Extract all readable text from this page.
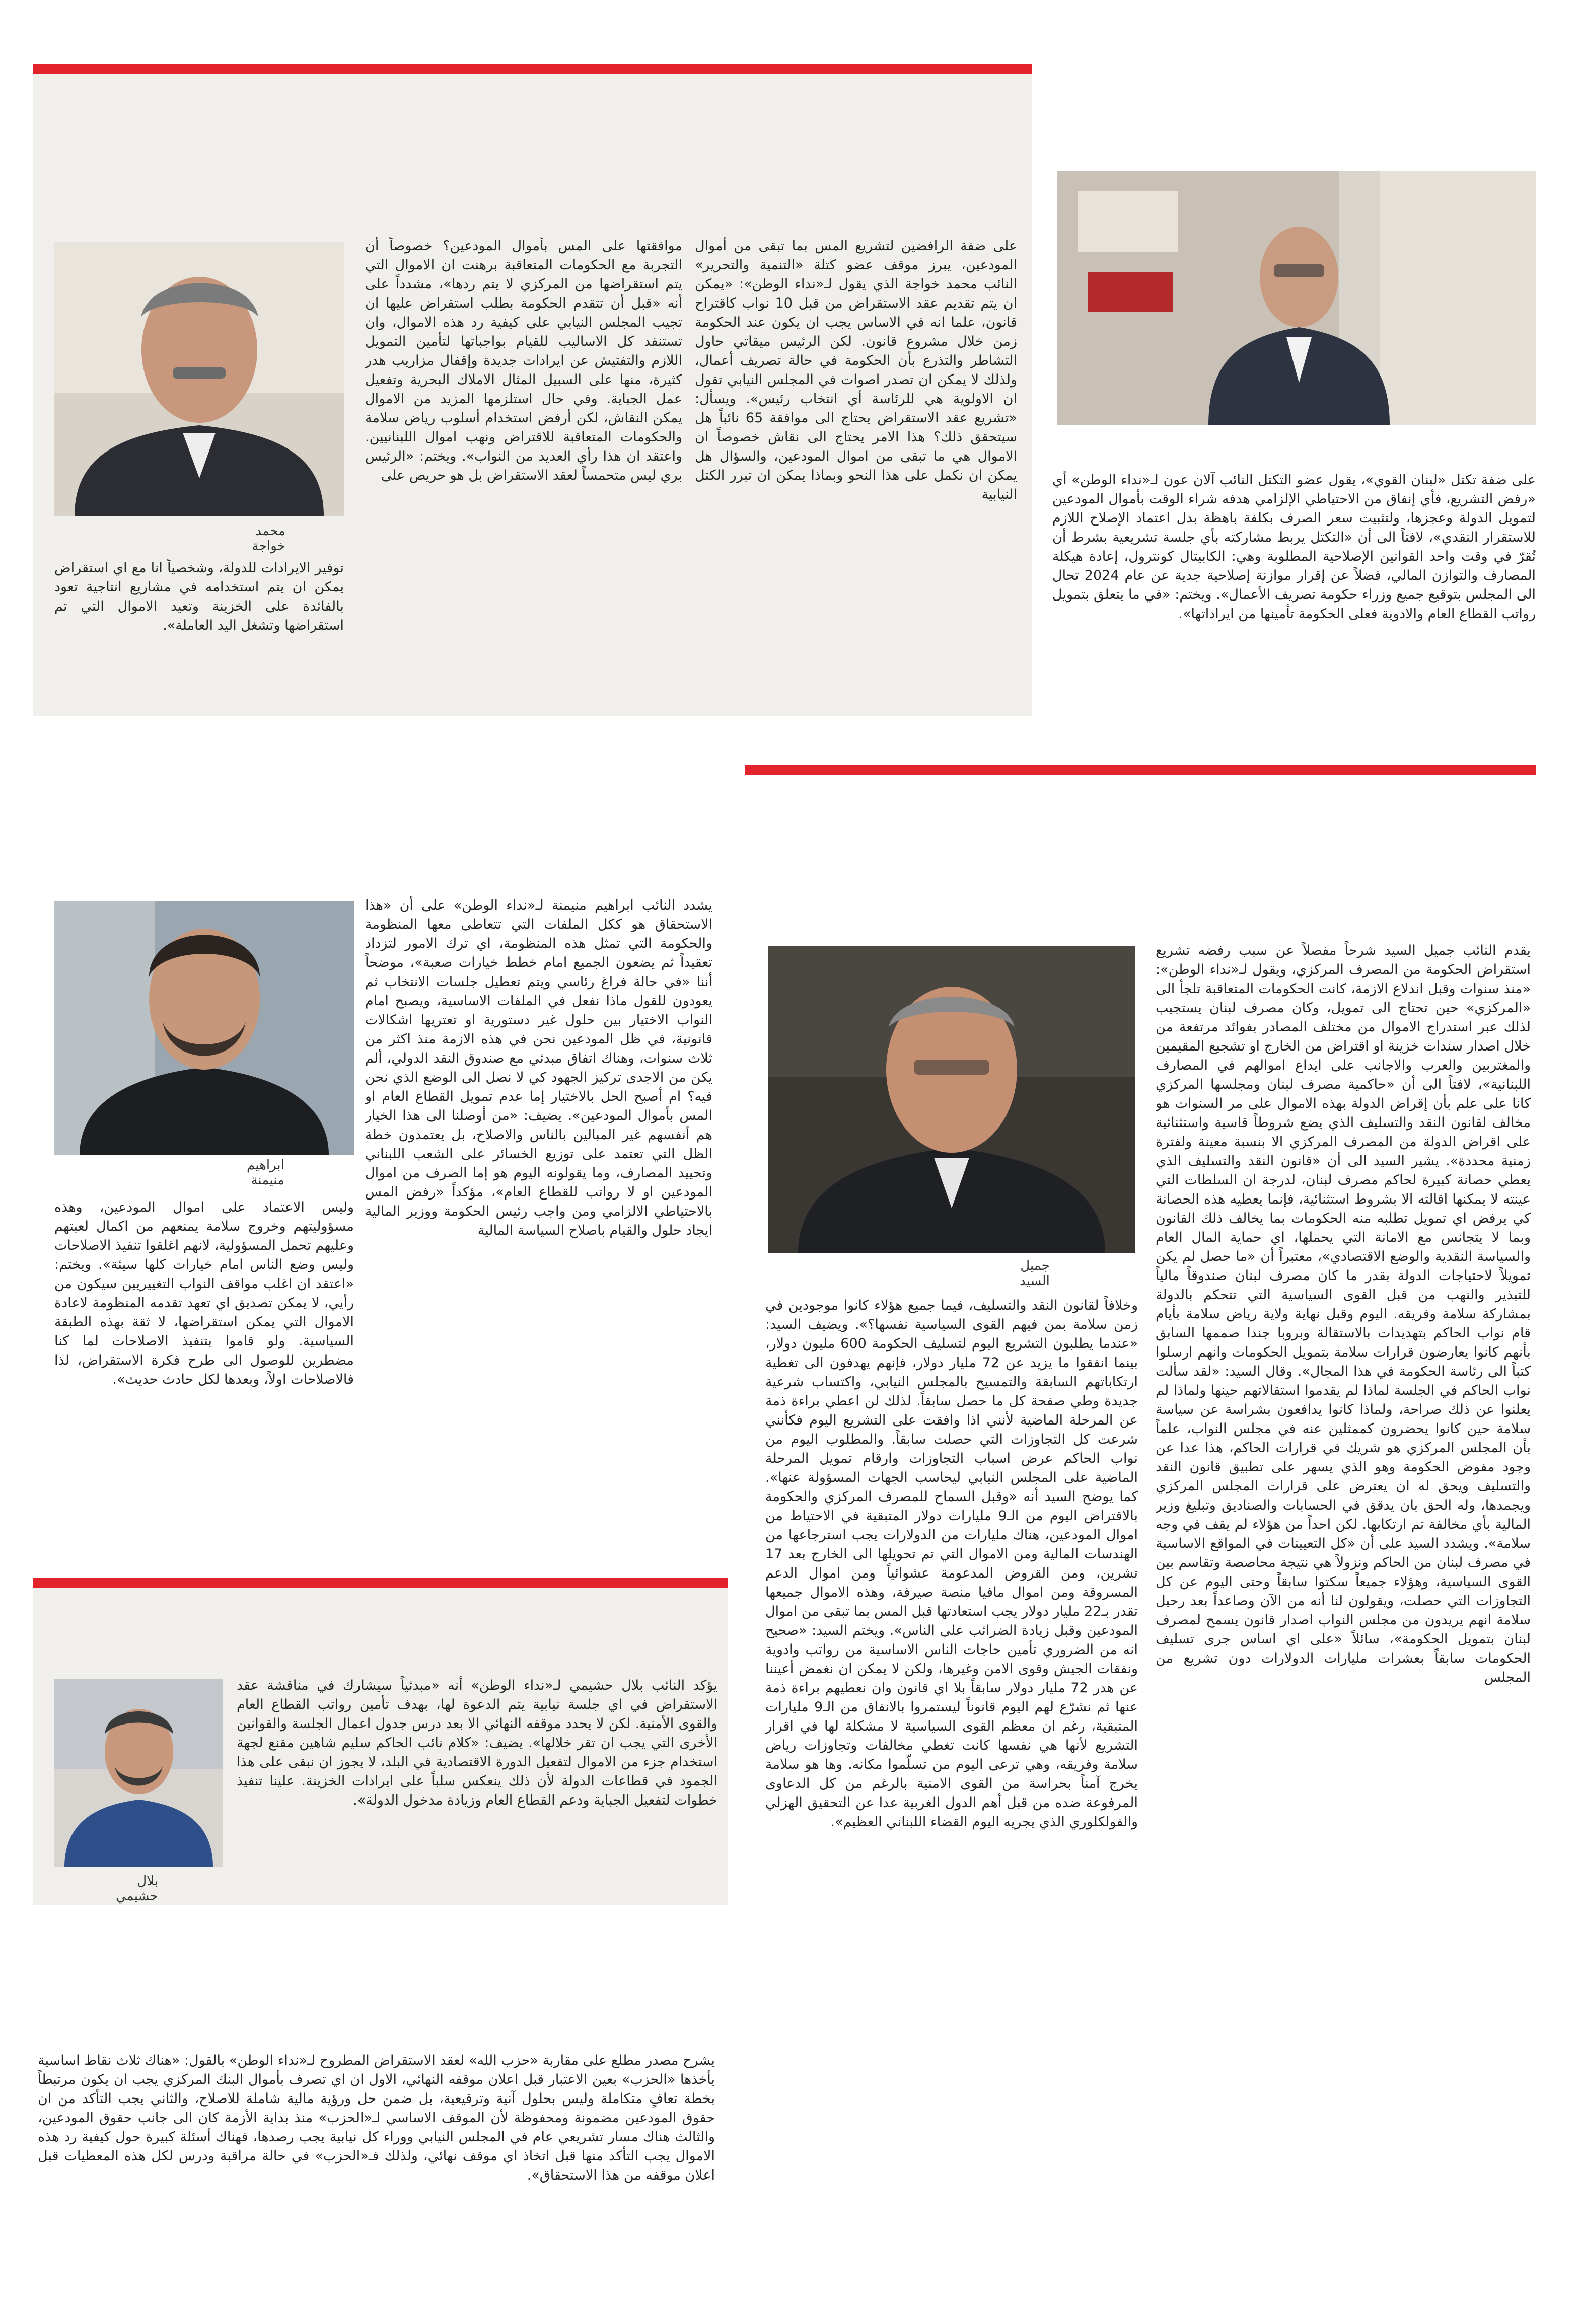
على ضفة تكتل «لبنان القوي»، يقول عضو التكتل النائب آلان عون لـ«نداء الوطن» أي «رفض التشريع، فأي إنفاق من الاحتياطي الإلزامي هدفه شراء الوقت بأموال المودعين لتمويل الدولة وعجزها، ولتثبيت سعر الصرف بكلفة باهظة بدل اعتماد الإصلاح اللازم للاستقرار النقدي»، لافتاً الى أن «التكتل يربط مشاركته بأي جلسة تشريعية بشرط أن تُقرّ في وقت واحد القوانين الإصلاحية المطلوبة وهي: الكابيتال كونترول، إعادة هيكلة المصارف والتوازن المالي، فضلاً عن إقرار موازنة إصلاحية جدية عن عام 2024 تحال الى المجلس بتوقيع جميع وزراء حكومة تصريف الأعمال». ويختم: «في ما يتعلق بتمويل رواتب القطاع العام والادوية فعلى الحكومة تأمينها من ايراداتها».

على ضفة الرافضين لتشريع المس بما تبقى من أموال المودعين، يبرز موقف عضو كتلة «التنمية والتحرير» النائب محمد خواجة الذي يقول لـ«نداء الوطن»: «يمكن ان يتم تقديم عقد الاستقراض من قبل 10 نواب كاقتراح قانون، علما انه في الاساس يجب ان يكون عند الحكومة زمن خلال مشروع قانون. لكن الرئيس ميقاتي حاول التشاطر والتذرع بأن الحكومة في حالة تصريف أعمال، ولذلك لا يمكن ان تصدر اصوات في المجلس النيابي تقول ان الاولوية هي للرئاسة أي انتخاب رئيس». ويسأل: «تشريع عقد الاستقراض يحتاج الى موافقة 65 نائباً هل سيتحقق ذلك؟ هذا الامر يحتاج الى نقاش خصوصاً ان الاموال هي ما تبقى من اموال المودعين، والسؤال هل يمكن ان نكمل على هذا النحو وبماذا يمكن ان تبرر الكتل النيابية

موافقتها على المس بأموال المودعين؟ خصوصاً أن التجربة مع الحكومات المتعاقبة برهنت ان الاموال التي يتم استقراضها من المركزي لا يتم ردها»، مشدداً على أنه «قبل أن تتقدم الحكومة بطلب استقراض عليها ان تجيب المجلس النيابي على كيفية رد هذه الاموال، وان تستنفد كل الاساليب للقيام بواجباتها لتأمين التمويل اللازم والتفتيش عن ايرادات جديدة وإقفال مزاريب هدر كثيرة، منها على السبيل المثال الاملاك البحرية وتفعيل عمل الجباية. وفي حال استلزمها المزيد من الاموال يمكن النقاش، لكن أرفض استخدام أسلوب رياض سلامة والحكومات المتعاقبة للاقتراض ونهب اموال اللبنانيين. واعتقد ان هذا رأي العديد من النواب». ويختم: «الرئيس بري ليس متحمساً لعقد الاستقراض بل هو حريص على

محمد خواجة

توفير الايرادات للدولة، وشخصياً انا مع اي استقراض يمكن ان يتم استخدامه في مشاريع انتاجية تعود بالفائدة على الخزينة وتعيد الاموال التي تم استقراضها وتشغل اليد العاملة».

يقدم النائب جميل السيد شرحاً مفصلاً عن سبب رفضه تشريع استقراض الحكومة من المصرف المركزي، ويقول لـ«نداء الوطن»: «منذ سنوات وقبل اندلاع الازمة، كانت الحكومات المتعاقبة تلجأ الى «المركزي» حين تحتاج الى تمويل، وكان مصرف لبنان يستجيب لذلك عبر استدراج الاموال من مختلف المصادر بفوائد مرتفعة من خلال اصدار سندات خزينة او اقتراض من الخارج او تشجيع المقيمين والمغتربين والعرب والاجانب على ايداع اموالهم في المصارف اللبنانية»، لافتاً الى أن «حاكمية مصرف لبنان ومجلسها المركزي كانا على علم بأن إقراض الدولة بهذه الاموال على مر السنوات هو مخالف لقانون النقد والتسليف الذي يضع شروطاً قاسية واستثنائية على اقراض الدولة من المصرف المركزي الا بنسبة معينة ولفترة زمنية محددة». يشير السيد الى أن «قانون النقد والتسليف الذي يعطي حصانة كبيرة لحاكم مصرف لبنان، لدرجة ان السلطات التي عينته لا يمكنها اقالته الا بشروط استثنائية، فإنما يعطيه هذه الحصانة كي يرفض اي تمويل تطلبه منه الحكومات بما يخالف ذلك القانون وبما لا يتجانس مع الامانة التي يحملها، اي حماية المال العام والسياسة النقدية والوضع الاقتصادي»، معتبراً أن «ما حصل لم يكن تمويلاً لاحتياجات الدولة بقدر ما كان مصرف لبنان صندوقاً مالياً للتبذير والنهب من قبل القوى السياسية التي تتحكم بالدولة بمشاركة سلامة وفريقه. اليوم وقبل نهاية ولاية رياض سلامة بأيام قام نواب الحاكم بتهديدات بالاستقالة وبروبا جندا صممها السابق بأنهم كانوا يعارضون قرارات سلامة بتمويل الحكومات وانهم ارسلوا كتباً الى رئاسة الحكومة في هذا المجال». وقال السيد: «لقد سألت نواب الحاكم في الجلسة لماذا لم يقدموا استقالاتهم حينها ولماذا لم يعلنوا عن ذلك صراحة، ولماذا كانوا يدافعون بشراسة عن سياسة سلامة حين كانوا يحضرون كممثلين عنه في مجلس النواب، علماً بأن المجلس المركزي هو شريك في قرارات الحاكم، هذا عدا عن وجود مفوض الحكومة وهو الذي يسهر على تطبيق قانون النقد والتسليف ويحق له ان يعترض على قرارات المجلس المركزي ويجمدها، وله الحق بان يدقق في الحسابات والصناديق وتبليغ وزير المالية بأي مخالفة تم ارتكابها. لكن احداً من هؤلاء لم يقف في وجه سلامة». ويشدد السيد على أن «كل التعيينات في المواقع الاساسية في مصرف لبنان من الحاكم ونزولاً هي نتيجة محاصصة وتقاسم بين القوى السياسية، وهؤلاء جميعاً سكتوا سابقاً وحتى اليوم عن كل التجاوزات التي حصلت، ويقولون لنا أنه من الآن وصاعداً بعد رحيل سلامة انهم يريدون من مجلس النواب اصدار قانون يسمح لمصرف لبنان بتمويل الحكومة»، سائلاً «على اي اساس جرى تسليف الحكومات سابقاً بعشرات مليارات الدولارات دون تشريع من المجلس

جميل السيد

وخلافاً لقانون النقد والتسليف، فيما جميع هؤلاء كانوا موجودين في زمن سلامة بمن فيهم القوى السياسية نفسها؟». ويضيف السيد: «عندما يطلبون التشريع اليوم لتسليف الحكومة 600 مليون دولار، بينما انفقوا ما يزيد عن 72 مليار دولار، فإنهم يهدفون الى تغطية ارتكاباتهم السابقة والتمسيح بالمجلس النيابي، واكتساب شرعية جديدة وطي صفحة كل ما حصل سابقاً. لذلك لن اعطي براءة ذمة عن المرحلة الماضية لأنني اذا وافقت على التشريع اليوم فكأنني شرعت كل التجاوزات التي حصلت سابقاً. والمطلوب اليوم من نواب الحاكم عرض اسباب التجاوزات وارقام تمويل المرحلة الماضية على المجلس النيابي ليحاسب الجهات المسؤولة عنها». كما يوضح السيد أنه «وقبل السماح للمصرف المركزي والحكومة بالاقتراض اليوم من الـ9 مليارات دولار المتبقية في الاحتياط من اموال المودعين، هناك مليارات من الدولارات يجب استرجاعها من الهندسات المالية ومن الاموال التي تم تحويلها الى الخارج بعد 17 تشرين، ومن القروض المدعومة عشوائياً ومن اموال الدعم المسروقة ومن اموال مافيا منصة صيرفة، وهذه الاموال جميعها تقدر بـ22 مليار دولار يجب استعادتها قبل المس بما تبقى من اموال المودعين وقبل زيادة الضرائب على الناس». ويختم السيد: «صحيح انه من الضروري تأمين حاجات الناس الاساسية من رواتب وادوية ونفقات الجيش وقوى الامن وغيرها، ولكن لا يمكن ان نغمض أعيننا عن هدر 72 مليار دولار سابقاً بلا اي قانون وان نعطيهم براءة ذمة عنها ثم نشرّع لهم اليوم قانوناً ليستمروا بالانفاق من الـ9 مليارات المتبقية، رغم ان معظم القوى السياسية لا مشكلة لها في اقرار التشريع لأنها هي نفسها كانت تغطي مخالفات وتجاوزات رياض سلامة وفريقه، وهي ترعى اليوم من تسلّموا مكانه. وها هو سلامة يخرج آمناً بحراسة من القوى الامنية بالرغم من كل الدعاوى المرفوعة ضده من قبل أهم الدول الغربية عدا عن التحقيق الهزلي والفولكلوري الذي يجريه اليوم القضاء اللبناني العظيم».

يشدد النائب ابراهيم منيمنة لـ«نداء الوطن» على أن «هذا الاستحقاق هو ككل الملفات التي تتعاطى معها المنظومة والحكومة التي تمثل هذه المنظومة، اي ترك الامور لتزداد تعقيداً ثم يضعون الجميع امام خطط خيارات صعبة»، موضحاً أننا «في حالة فراغ رئاسي ويتم تعطيل جلسات الانتخاب ثم يعودون للقول ماذا نفعل في الملفات الاساسية، ويصبح امام النواب الاختيار بين حلول غير دستورية او تعتريها اشكالات قانونية، في ظل المودعين نحن في هذه الازمة منذ اكثر من ثلاث سنوات، وهناك اتفاق مبدئي مع صندوق النقد الدولي، ألم يكن من الاجدى تركيز الجهود كي لا نصل الى الوضع الذي نحن فيه؟ ام أصبح الحل بالاختيار إما عدم تمويل القطاع العام او المس بأموال المودعين». يضيف: «من أوصلنا الى هذا الخيار هم أنفسهم غير المبالين بالناس والاصلاح، بل يعتمدون خطة الظل التي تعتمد على توزيع الخسائر على الشعب اللبناني وتحييد المصارف، وما يقولونه اليوم هو إما الصرف من اموال المودعين او لا رواتب للقطاع العام»، مؤكداً «رفض المس بالاحتياطي الالزامي ومن واجب رئيس الحكومة ووزير المالية ايجاد حلول والقيام باصلاح السياسة المالية

ابراهيم منيمنة

وليس الاعتماد على اموال المودعين، وهذه مسؤوليتهم وخروج سلامة يمنعهم من اكمال لعبتهم وعليهم تحمل المسؤولية، لانهم اغلقوا تنفيذ الاصلاحات وليس وضع الناس امام خيارات كلها سيئة». ويختم: «اعتقد ان اغلب مواقف النواب التغييريين سيكون من رأيي، لا يمكن تصديق اي تعهد تقدمه المنظومة لاعادة الاموال التي يمكن استقراضها، لا ثقة بهذه الطبقة السياسية. ولو قاموا بتنفيذ الاصلاحات لما كنا مضطرين للوصول الى طرح فكرة الاستقراض، لذا فالاصلاحات اولاً، وبعدها لكل حادث حديث».

يؤكد النائب بلال حشيمي لـ«نداء الوطن» أنه «مبدئياً سيشارك في مناقشة عقد الاستقراض في اي جلسة نيابية يتم الدعوة لها، بهدف تأمين رواتب القطاع العام والقوى الأمنية. لكن لا يحدد موقفه النهائي الا بعد درس جدول اعمال الجلسة والقوانين الأخرى التي يجب ان تقر خلالها». يضيف: «كلام نائب الحاكم سليم شاهين مقنع لجهة استخدام جزء من الاموال لتفعيل الدورة الاقتصادية في البلد، لا يجوز ان نبقى على هذا الجمود في قطاعات الدولة لأن ذلك ينعكس سلباً على ايرادات الخزينة. علينا تنفيذ خطوات لتفعيل الجباية ودعم القطاع العام وزيادة مدخول الدولة».

بلال حشيمي

يشرح مصدر مطلع على مقاربة «حزب الله» لعقد الاستقراض المطروح لـ«نداء الوطن» بالقول: «هناك ثلاث نقاط اساسية يأخذها «الحزب» بعين الاعتبار قبل اعلان موقفه النهائي، الاول ان اي تصرف بأموال البنك المركزي يجب ان يكون مرتبطاً بخطة تعافٍ متكاملة وليس بحلول آنية وترقيعية، بل ضمن حل ورؤية مالية شاملة للاصلاح، والثاني يجب التأكد من ان حقوق المودعين مضمونة ومحفوظة لأن الموقف الاساسي لـ«الحزب» منذ بداية الأزمة كان الى جانب حقوق المودعين، والثالث هناك مسار تشريعي عام في المجلس النيابي ووراء كل نيابية يجب رصدها، فهناك أسئلة كبيرة حول كيفية رد هذه الاموال يجب التأكد منها قبل اتخاذ اي موقف نهائي، ولذلك فـ«الحزب» في حالة مراقبة ودرس لكل هذه المعطيات قبل اعلان موقفه من هذا الاستحقاق».
